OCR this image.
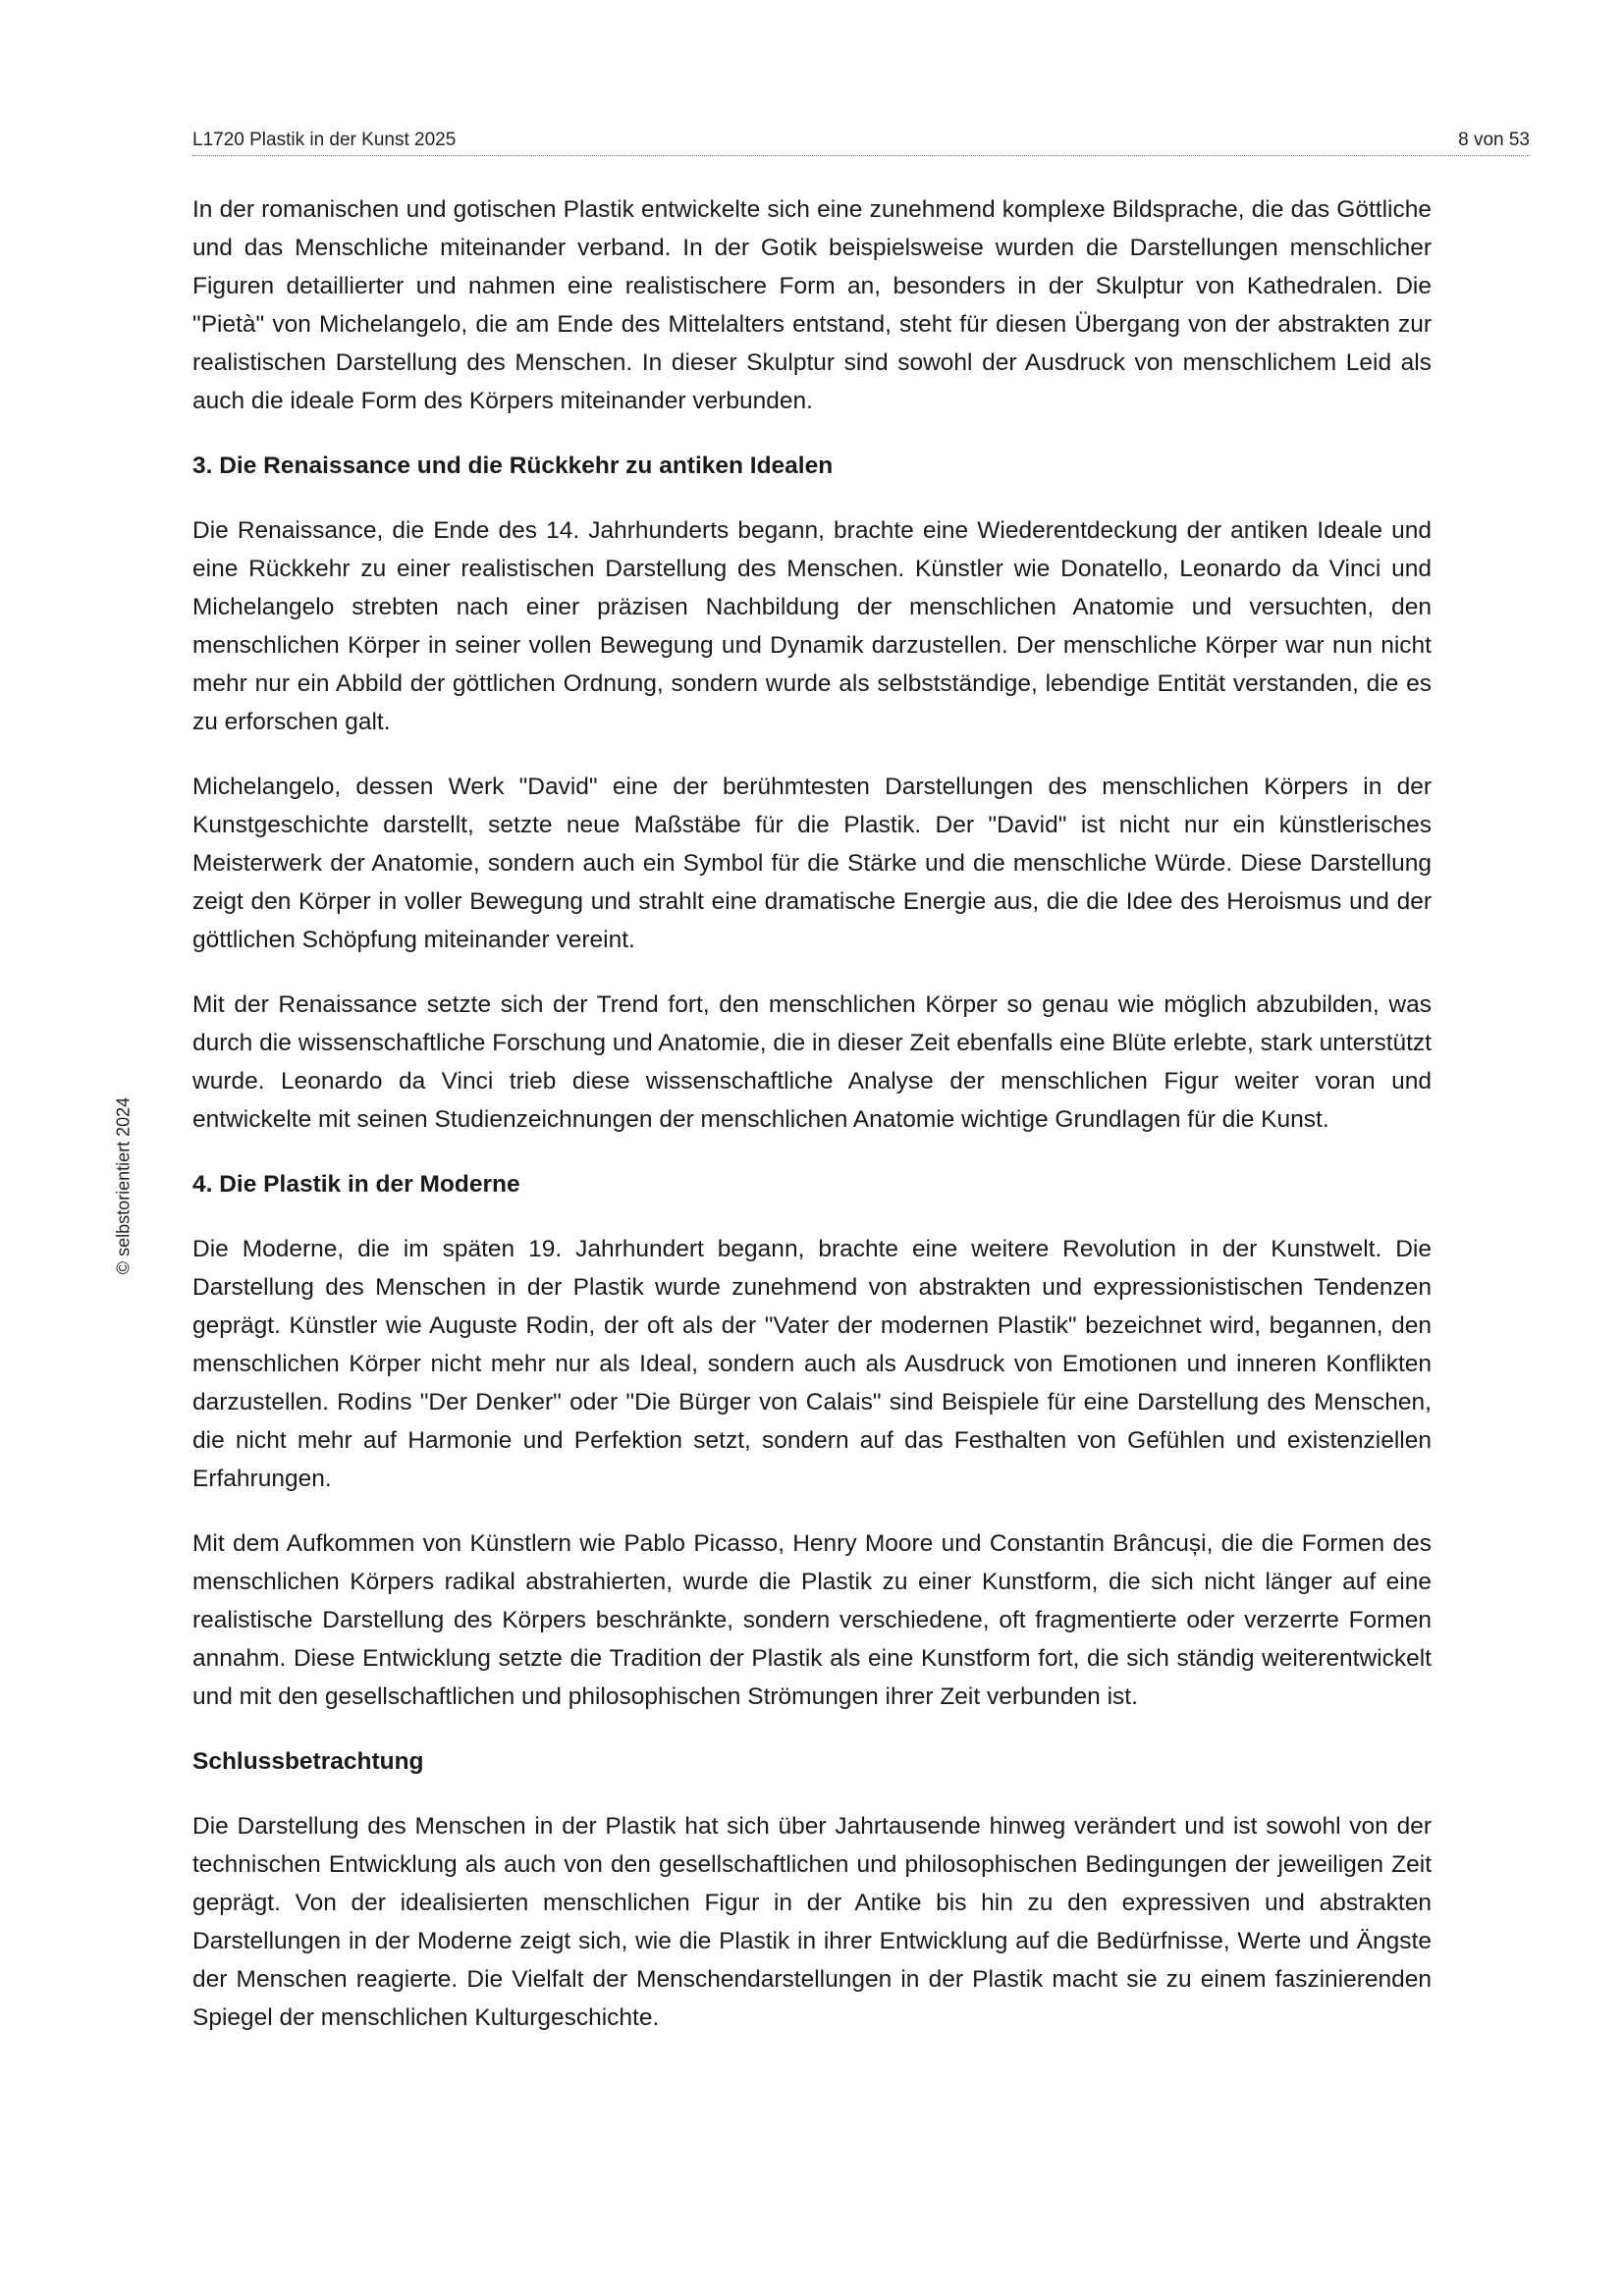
L1720 Plastik in der Kunst 2025	8 von 53
© selbstorientiert 2024

In der romanischen und gotischen Plastik entwickelte sich eine zunehmend komplexe Bildsprache, die das Göttliche und das Menschliche miteinander verband. In der Gotik beispielsweise wurden die Darstellungen menschlicher Figuren detaillierter und nahmen eine realistischere Form an, besonders in der Skulptur von Kathedralen. Die "Pietà" von Michelangelo, die am Ende des Mittelalters entstand, steht für diesen Übergang von der abstrakten zur realistischen Darstellung des Menschen. In dieser Skulptur sind sowohl der Ausdruck von menschlichem Leid als auch die ideale Form des Körpers miteinander verbunden.

3. Die Renaissance und die Rückkehr zu antiken Idealen

Die Renaissance, die Ende des 14. Jahrhunderts begann, brachte eine Wiederentdeckung der antiken Ideale und eine Rückkehr zu einer realistischen Darstellung des Menschen. Künstler wie Donatello, Leonardo da Vinci und Michelangelo strebten nach einer präzisen Nachbildung der menschlichen Anatomie und versuchten, den menschlichen Körper in seiner vollen Bewegung und Dynamik darzustellen. Der menschliche Körper war nun nicht mehr nur ein Abbild der göttlichen Ordnung, sondern wurde als selbstständige, lebendige Entität verstanden, die es zu erforschen galt.

Michelangelo, dessen Werk "David" eine der berühmtesten Darstellungen des menschlichen Körpers in der Kunstgeschichte darstellt, setzte neue Maßstäbe für die Plastik. Der "David" ist nicht nur ein künstlerisches Meisterwerk der Anatomie, sondern auch ein Symbol für die Stärke und die menschliche Würde. Diese Darstellung zeigt den Körper in voller Bewegung und strahlt eine dramatische Energie aus, die die Idee des Heroismus und der göttlichen Schöpfung miteinander vereint.

Mit der Renaissance setzte sich der Trend fort, den menschlichen Körper so genau wie möglich abzubilden, was durch die wissenschaftliche Forschung und Anatomie, die in dieser Zeit ebenfalls eine Blüte erlebte, stark unterstützt wurde. Leonardo da Vinci trieb diese wissenschaftliche Analyse der menschlichen Figur weiter voran und entwickelte mit seinen Studienzeichnungen der menschlichen Anatomie wichtige Grundlagen für die Kunst.

4. Die Plastik in der Moderne

Die Moderne, die im späten 19. Jahrhundert begann, brachte eine weitere Revolution in der Kunstwelt. Die Darstellung des Menschen in der Plastik wurde zunehmend von abstrakten und expressionistischen Tendenzen geprägt. Künstler wie Auguste Rodin, der oft als der "Vater der modernen Plastik" bezeichnet wird, begannen, den menschlichen Körper nicht mehr nur als Ideal, sondern auch als Ausdruck von Emotionen und inneren Konflikten darzustellen. Rodins "Der Denker" oder "Die Bürger von Calais" sind Beispiele für eine Darstellung des Menschen, die nicht mehr auf Harmonie und Perfektion setzt, sondern auf das Festhalten von Gefühlen und existenziellen Erfahrungen.

Mit dem Aufkommen von Künstlern wie Pablo Picasso, Henry Moore und Constantin Brâncuși, die die Formen des menschlichen Körpers radikal abstrahierten, wurde die Plastik zu einer Kunstform, die sich nicht länger auf eine realistische Darstellung des Körpers beschränkte, sondern verschiedene, oft fragmentierte oder verzerrte Formen annahm. Diese Entwicklung setzte die Tradition der Plastik als eine Kunstform fort, die sich ständig weiterentwickelt und mit den gesellschaftlichen und philosophischen Strömungen ihrer Zeit verbunden ist.

Schlussbetrachtung

Die Darstellung des Menschen in der Plastik hat sich über Jahrtausende hinweg verändert und ist sowohl von der technischen Entwicklung als auch von den gesellschaftlichen und philosophischen Bedingungen der jeweiligen Zeit geprägt. Von der idealisierten menschlichen Figur in der Antike bis hin zu den expressiven und abstrakten Darstellungen in der Moderne zeigt sich, wie die Plastik in ihrer Entwicklung auf die Bedürfnisse, Werte und Ängste der Menschen reagierte. Die Vielfalt der Menschendarstellungen in der Plastik macht sie zu einem faszinierenden Spiegel der menschlichen Kulturgeschichte.
